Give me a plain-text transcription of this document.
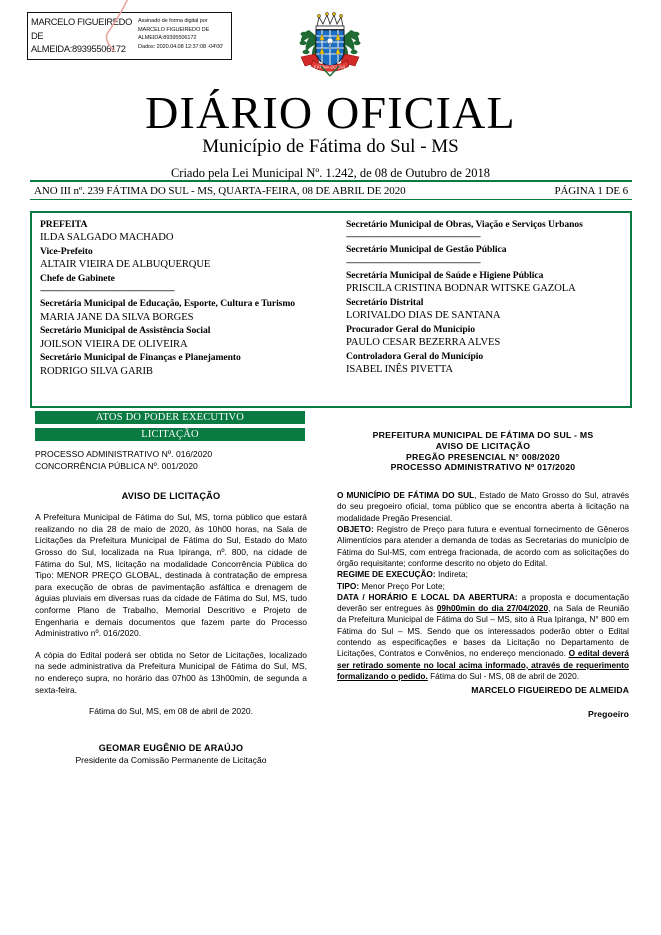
MARCELO FIGUEIREDO
DE
ALMEIDA:89395506172
Assinado de forma digital por
MARCELO FIGUEIREDO DE
ALMEIDA:89395506172
Dados: 2020.04.08 12:37:08 -04'00'
FÁTIMA DO SUL
DIÁRIO OFICIAL
Município de Fátima do Sul - MS
Criado pela Lei Municipal Nº. 1.242, de 08 de Outubro de 2018
ANO III nº. 239 FÁTIMA DO SUL - MS, QUARTA-FEIRA, 08 DE ABRIL DE 2020	PÁGINA 1 DE 6
PREFEITA
ILDA SALGADO MACHADO
Vice-Prefeito
ALTAIR VIEIRA DE ALBUQUERQUE
Chefe de Gabinete
--------------------------------------------------------
Secretária Municipal de Educação, Esporte, Cultura e Turismo
MARIA JANE DA SILVA BORGES
Secretário Municipal de Assistência Social
JOILSON VIEIRA DE OLIVEIRA
Secretário Municipal de Finanças e Planejamento
RODRIGO SILVA GARIB
Secretário Municipal de Obras, Viação e Serviços Urbanos
--------------------------------------------------------
Secretário Municipal de Gestão Pública
--------------------------------------------------------
Secretária Municipal de Saúde e Higiene Pública
PRISCILA CRISTINA BODNAR WITSKE GAZOLA
Secretário Distrital
LORIVALDO DIAS DE SANTANA
Procurador Geral do Município
PAULO CESAR BEZERRA ALVES
Controladora Geral do Município
ISABEL INÊS PIVETTA
ATOS DO PODER EXECUTIVO
LICITAÇÃO
PROCESSO ADMINISTRATIVO Nº. 016/2020
CONCORRÊNCIA PÚBLICA Nº. 001/2020
AVISO DE LICITAÇÃO
A Prefeitura Municipal de Fátima do Sul, MS, torna público que estará realizando no dia 28 de maio de 2020, às 10h00 horas, na Sala de Licitações da Prefeitura Municipal de Fátima do Sul, Estado do Mato Grosso do Sul, localizada na Rua Ipiranga, nº. 800, na cidade de Fátima do Sul, MS, licitação na modalidade Concorrência Pública do Tipo: MENOR PREÇO GLOBAL, destinada à contratação de empresa para execução de obras de pavimentação asfáltica e drenagem de águias pluviais em diversas ruas da cidade de Fátima do Sul, MS, tudo conforme Plano de Trabalho, Memorial Descritivo e Projeto de Engenharia e demais documentos que fazem parte do Processo Administrativo nº. 016/2020.
A cópia do Edital poderá ser obtida no Setor de Licitações, localizado na sede administrativa da Prefeitura Municipal de Fátima do Sul, MS, no endereço supra, no horário das 07h00 às 13h00min, de segunda a sexta-feira.
Fátima do Sul, MS, em 08 de abril de 2020.
GEOMAR EUGÊNIO DE ARAÚJO
Presidente da Comissão Permanente de Licitação
PREFEITURA MUNICIPAL DE FÁTIMA DO SUL - MS
AVISO DE LICITAÇÃO
PREGÃO PRESENCIAL N° 008/2020
PROCESSO ADMINISTRATIVO Nº 017/2020
O MUNICÍPIO DE FÁTIMA DO SUL, Estado de Mato Grosso do Sul, através do seu pregoeiro oficial, toma público que se encontra aberta à licitação na modalidade Pregão Presencial.
OBJETO: Registro de Preço para futura e eventual fornecimento de Gêneros Alimentícios para atender a demanda de todas as Secretarias do município de Fátima do Sul-MS, com entrega fracionada, de acordo com as solicitações do órgão requisitante; conforme descrito no objeto do Edital.
REGIME DE EXECUÇÃO: Indireta;
TIPO: Menor Preço Por Lote;
DATA / HORÁRIO E LOCAL DA ABERTURA: a proposta e documentação deverão ser entregues às 09h00min do dia 27/04/2020, na Sala de Reunião da Prefeitura Municipal de Fátima do Sul – MS, sito á Rua Ipiranga, N° 800 em Fátima do Sul – MS. Sendo que os interessados poderão obter o Edital contendo as especificações e bases da Licitação no Departamento de Licitações, Contratos e Convênios, no endereço mencionado. O edital deverá ser retirado somente no local acima informado, através de requerimento formalizando o pedido. Fátima do Sul - MS, 08 de abril de 2020.
MARCELO FIGUEIREDO DE ALMEIDA
Pregoeiro
